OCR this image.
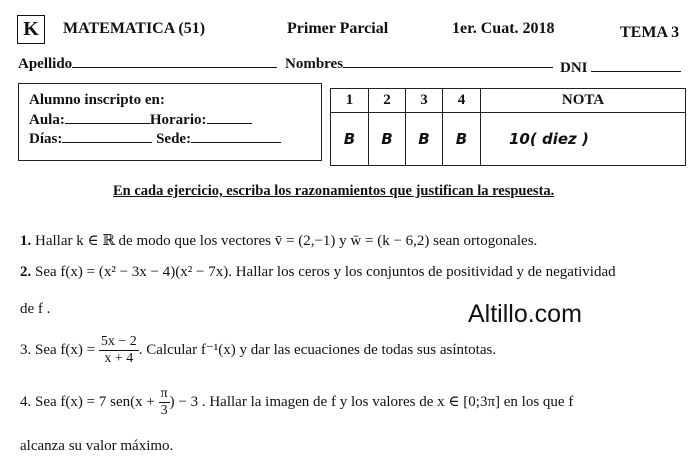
K	MATEMATICA (51)	Primer Parcial	1er. Cuat. 2018	TEMA 3
Apellido	Nombres	DNI
Alumno inscripto en:
Aula:	Horario:
Días:	Sede:
1	2	3	4	NOTA
B	B	B	B	10( diez )
En cada ejercicio, escriba los razonamientos que justifican la respuesta.
1. Hallar k ∈ ℝ de modo que los vectores v̄ = (2,−1) y w̄ = (k − 6,2) sean ortogonales.
2. Sea f(x) = (x² − 3x − 4)(x² − 7x). Hallar los ceros y los conjuntos de positividad y de negatividad
de f .	Altillo.com
3. Sea $f(x) = \frac{5x - 2}{x + 4}$ . Calcular f⁻¹(x) y dar las ecuaciones de todas sus asíntotas.
4. Sea f(x) = 7 $sen(x + \frac{\pi}{3}$ ) − 3 . Hallar la imagen de f y los valores de x ∈ [0;3π] en los que f
alcanza su valor máximo.
